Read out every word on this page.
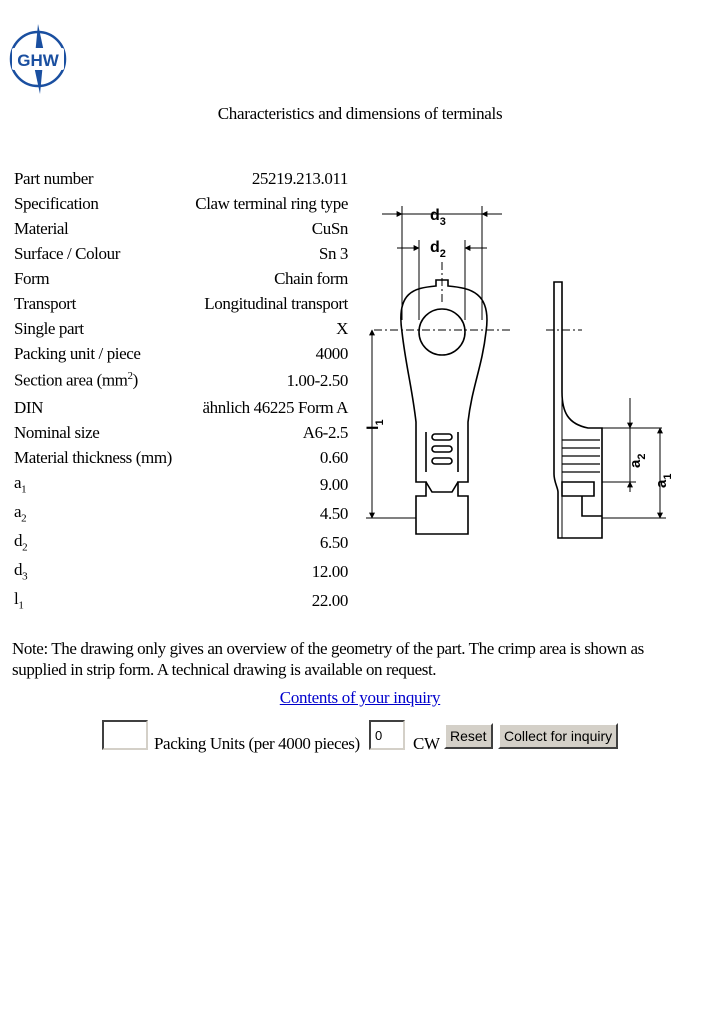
GHW
Characteristics and dimensions of terminals
Part number	25219.213.011
Specification	Claw terminal ring type
Material	CuSn
Surface / Colour	Sn 3
Form	Chain form
Transport	Longitudinal transport
Single part	X
Packing unit / piece	4000
Section area $(mm^2)$	1.00-2.50
DIN	ähnlich 46225 Form A
Nominal size	A6-2.5
Material thickness (mm)	0.60
$a_1$	9.00
$a_2$	4.50
$d_2$	6.50
$d_3$	12.00
$l_1$	22.00
$d_3$
$d_2$
$l_1$
$a_2$
$a_1$
Note: The drawing only gives an overview of the geometry of the part. The crimp area is shown as supplied in strip form. A technical drawing is available on request.
Contents of your inquiry
Packing Units (per 4000 pieces)
0	CW Reset	Collect for inquiry
